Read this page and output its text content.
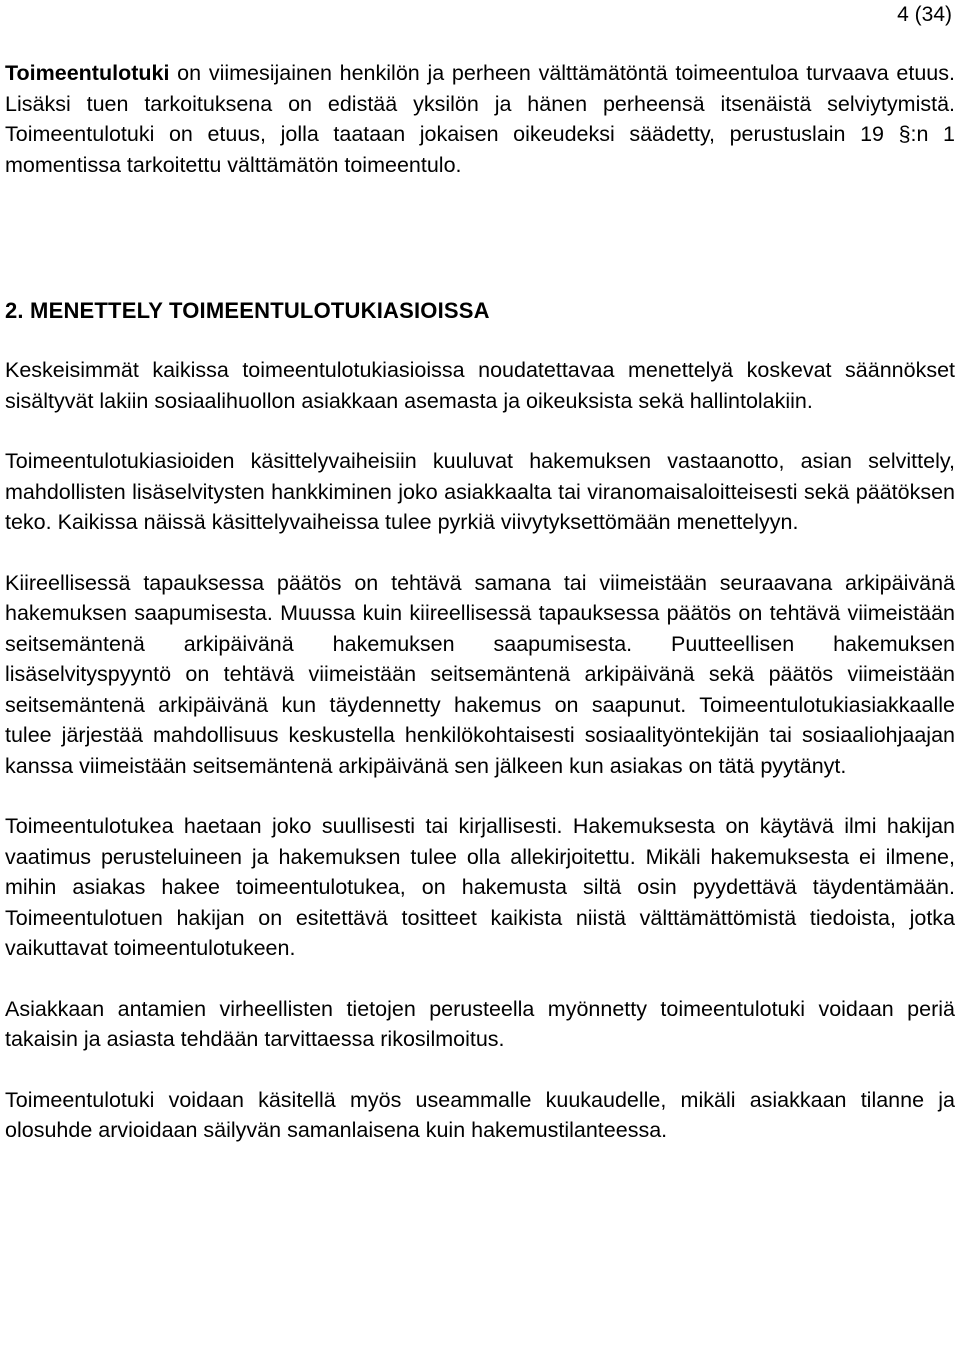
4 (34)

Toimeentulotuki on viimesijainen henkilön ja perheen välttämätöntä toimeentuloa turvaava etuus. Lisäksi tuen tarkoituksena on edistää yksilön ja hänen perheensä itsenäistä selviytymistä. Toimeentulotuki on etuus, jolla taataan jokaisen oikeudeksi säädetty, perustuslain 19 §:n 1 momentissa tarkoitettu välttämätön toimeentulo.

2. MENETTELY TOIMEENTULOTUKIASIOISSA

Keskeisimmät kaikissa toimeentulotukiasioissa noudatettavaa menettelyä koskevat säännökset sisältyvät lakiin sosiaalihuollon asiakkaan asemasta ja oikeuksista sekä hallintolakiin.

Toimeentulotukiasioiden käsittelyvaiheisiin kuuluvat hakemuksen vastaanotto, asian selvittely, mahdollisten lisäselvitysten hankkiminen joko asiakkaalta tai viranomaisaloitteisesti sekä päätöksen teko. Kaikissa näissä käsittelyvaiheissa tulee pyrkiä viivytyksettömään menettelyyn.

Kiireellisessä tapauksessa päätös on tehtävä samana tai viimeistään seuraavana arkipäivänä hakemuksen saapumisesta. Muussa kuin kiireellisessä tapauksessa päätös on tehtävä viimeistään seitsemäntenä arkipäivänä hakemuksen saapumisesta. Puutteellisen hakemuksen lisäselvityspyyntö on tehtävä viimeistään seitsemäntenä arkipäivänä sekä päätös viimeistään seitsemäntenä arkipäivänä kun täydennetty hakemus on saapunut. Toimeentulotukiasiakkaalle tulee järjestää mahdollisuus keskustella henkilökohtaisesti sosiaalityöntekijän tai sosiaaliohjaajan kanssa viimeistään seitsemäntenä arkipäivänä sen jälkeen kun asiakas on tätä pyytänyt.

Toimeentulotukea haetaan joko suullisesti tai kirjallisesti. Hakemuksesta on käytävä ilmi hakijan vaatimus perusteluineen ja hakemuksen tulee olla allekirjoitettu. Mikäli hakemuksesta ei ilmene, mihin asiakas hakee toimeentulotukea, on hakemusta siltä osin pyydettävä täydentämään. Toimeentulotuen hakijan on esitettävä tositteet kaikista niistä välttämättömistä tiedoista, jotka vaikuttavat toimeentulotukeen.

Asiakkaan antamien virheellisten tietojen perusteella myönnetty toimeentulotuki voidaan periä takaisin ja asiasta tehdään tarvittaessa rikosilmoitus.

Toimeentulotuki voidaan käsitellä myös useammalle kuukaudelle, mikäli asiakkaan tilanne ja olosuhde arvioidaan säilyvän samanlaisena kuin hakemustilanteessa.
